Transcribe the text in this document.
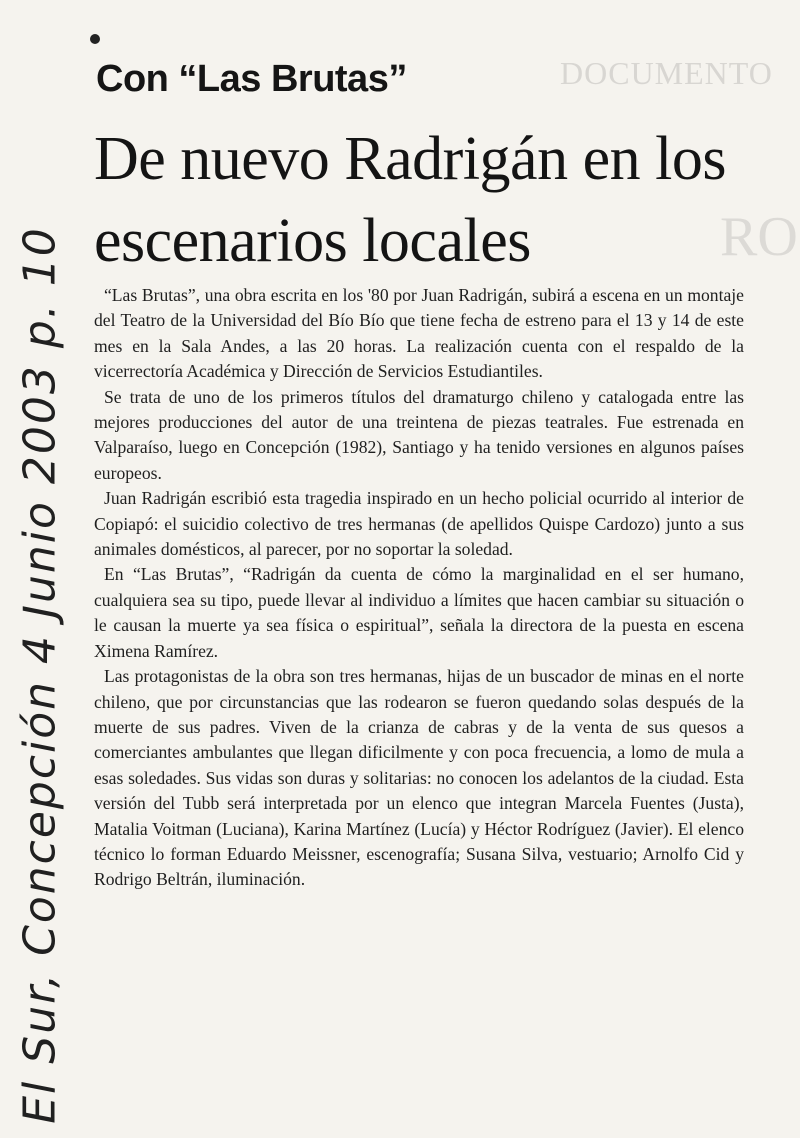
DOCUMENTO
RO
Con “Las Brutas”
De nuevo Radrigán en los escenarios locales

“Las Brutas”, una obra escrita en los '80 por Juan Radrigán, subirá a escena en un montaje del Teatro de la Universidad del Bío Bío que tiene fecha de estreno para el 13 y 14 de este mes en la Sala Andes, a las 20 horas. La realización cuenta con el respaldo de la vicerrectoría Académica y Dirección de Servicios Estudiantiles.

Se trata de uno de los primeros títulos del dramaturgo chileno y catalogada entre las mejores producciones del autor de una treintena de piezas teatrales. Fue estrenada en Valparaíso, luego en Concepción (1982), Santiago y ha tenido versiones en algunos países europeos.

Juan Radrigán escribió esta tragedia inspirado en un hecho policial ocurrido al interior de Copiapó: el suicidio colectivo de tres hermanas (de apellidos Quispe Cardozo) junto a sus animales domésticos, al parecer, por no soportar la soledad.

En “Las Brutas”, “Radrigán da cuenta de cómo la marginalidad en el ser humano, cualquiera sea su tipo, puede llevar al individuo a límites que hacen cambiar su situación o le causan la muerte ya sea física o espiritual”, señala la directora de la puesta en escena Ximena Ramírez.

Las protagonistas de la obra son tres hermanas, hijas de un buscador de minas en el norte chileno, que por circunstancias que las rodearon se fueron quedando solas después de la muerte de sus padres. Viven de la crianza de cabras y de la venta de sus quesos a comerciantes ambulantes que llegan dificilmente y con poca frecuencia, a lomo de mula a esas soledades. Sus vidas son duras y solitarias: no conocen los adelantos de la ciudad. Esta versión del Tubb será interpretada por un elenco que integran Marcela Fuentes (Justa), Matalia Voitman (Luciana), Karina Martínez (Lucía) y Héctor Rodríguez (Javier). El elenco técnico lo forman Eduardo Meissner, escenografía; Susana Silva, vestuario; Arnolfo Cid y Rodrigo Beltrán, iluminación.

El Sur, Concepción 4 Junio 2003 p. 10
